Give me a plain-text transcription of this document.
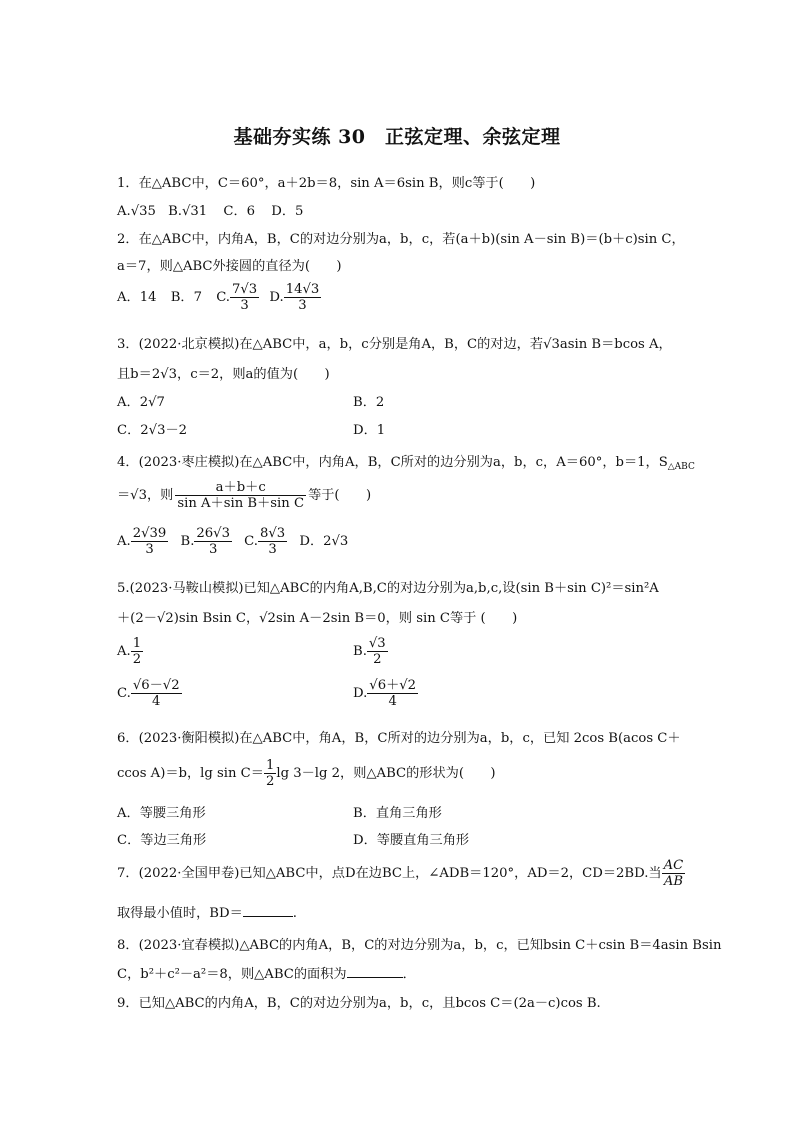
基础夯实练 30　正弦定理、余弦定理
1．在△ABC中，C＝60°，a＋2b＝8，sin A＝6sin B，则c等于(　　)
A.√35 B.√31 C．6 D．5
2．在△ABC中，内角A，B，C的对边分别为a，b，c，若(a＋b)(sin A－sin B)＝(b＋c)sin C，
a＝7，则△ABC外接圆的直径为(　　)
A．14 B．7 C. $\frac{7√3}{3} D$. $\frac{14√3}{3}$
3．(2022·北京模拟)在△ABC中，a，b，c分别是角A，B，C的对边，若√3asin B＝bcos A，
且b＝2√3，c＝2，则a的值为(　　)
A．2√7	B．2
C．2√3－2	D．1
4．(2023·枣庄模拟)在△ABC中，内角A，B，C所对的边分别为a，b，c，A＝60°，b＝1，$S_{\triangle ABC}$
＝√3，则 $\frac{a+b+c}{\text{sin A＋sin B＋sin C}}$ 等于(　　)
A. $\frac{2√39}{3} B$. $\frac{26√3}{3} C$. $\frac{8√3}{3}$ D．2√3
5.(2023·马鞍山模拟)已知△ABC的内角A,B,C的对边分别为a,b,c,设(sin B＋sin C)²＝sin²A
＋(2－√2)sin Bsin C，√2sin A－2sin B＝0，则 sin C等于 (　　)
A. $\frac{1}{2}$	B. $\frac{√3}{2}$
C. $\frac{√6-√2}{4}$	D. $\frac{√6+√2}{4}$
6．(2023·衡阳模拟)在△ABC中，角A，B，C所对的边分别为a，b，c，已知 2cos B(acos C＋
ccos A)＝b，$\lg \sin C= \frac{1}{2}$ lg 3－lg 2，则△ABC的形状为(　　)
A．等腰三角形	B．直角三角形
C．等边三角形	D．等腰直角三角形
7．(2022·全国甲卷)已知△ABC中，点D在边BC上，∠ADB＝120°，AD＝2，CD＝2BD.当 $\frac{AC}{AB}$
取得最小值时，BD＝	.
8．(2023·宜春模拟)△ABC的内角A，B，C的对边分别为a，b，c，已知bsin C＋csin B＝4asin Bsin
C，b²＋c²－a²＝8，则△ABC的面积为	．
9．已知△ABC的内角A，B，C的对边分别为a，b，c，且bcos C＝(2a－c)cos B.
